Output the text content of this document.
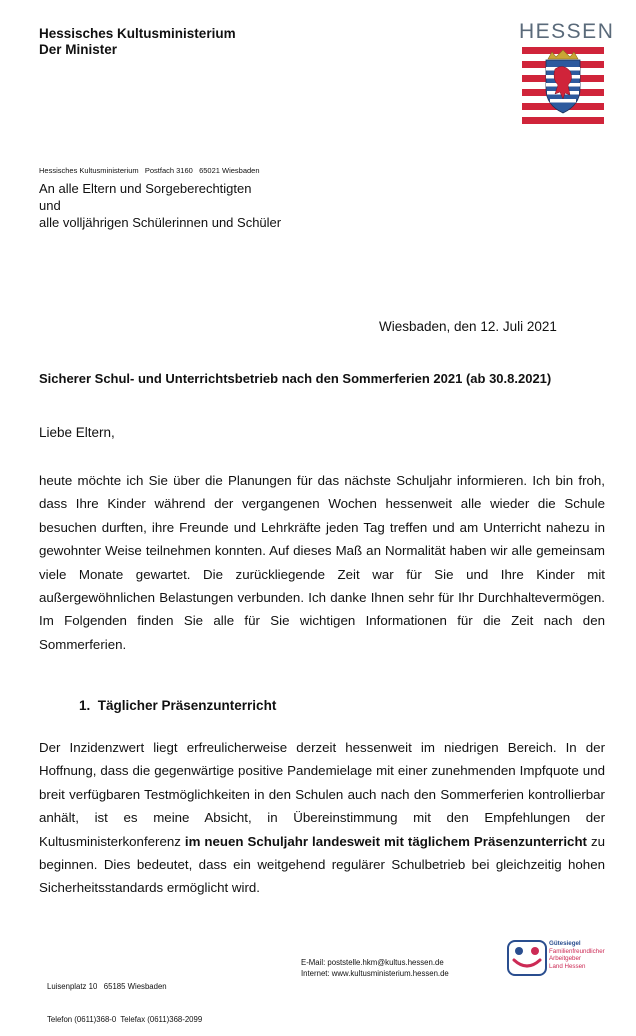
Hessisches Kultusministerium
Der Minister
HESSEN
Hessisches Kultusministerium   Postfach 3160   65021 Wiesbaden
An alle Eltern und Sorgeberechtigten
und
alle volljährigen Schülerinnen und Schüler
Wiesbaden, den 12. Juli 2021
Sicherer Schul- und Unterrichtsbetrieb nach den Sommerferien 2021 (ab 30.8.2021)
Liebe Eltern,
heute möchte ich Sie über die Planungen für das nächste Schuljahr informieren. Ich bin froh, dass Ihre Kinder während der vergangenen Wochen hessenweit alle wieder die Schule besuchen durften, ihre Freunde und Lehrkräfte jeden Tag treffen und am Unterricht nahezu in gewohnter Weise teilnehmen konnten. Auf dieses Maß an Normalität haben wir alle gemeinsam viele Monate gewartet. Die zurückliegende Zeit war für Sie und Ihre Kinder mit außergewöhnlichen Belastungen verbunden. Ich danke Ihnen sehr für Ihr Durchhaltevermögen. Im Folgenden finden Sie alle für Sie wichtigen Informationen für die Zeit nach den Sommerferien.
1.  Täglicher Präsenzunterricht
Der Inzidenzwert liegt erfreulicherweise derzeit hessenweit im niedrigen Bereich. In der Hoffnung, dass die gegenwärtige positive Pandemielage mit einer zunehmenden Impfquote und breit verfügbaren Testmöglichkeiten in den Schulen auch nach den Sommerferien kontrollierbar anhält, ist es meine Absicht, in Übereinstimmung mit den Empfehlungen der Kultusministerkonferenz im neuen Schuljahr landesweit mit täglichem Präsenzunterricht zu beginnen. Dies bedeutet, dass ein weitgehend regulärer Schulbetrieb bei gleichzeitig hohen Sicherheitsstandards ermöglicht wird.

Luisenplatz 10   65185 Wiesbaden

Telefon (0611)368-0  Telefax (0611)368-2099

E-Mail: poststelle.hkm@kultus.hessen.de
Internet: www.kultusministerium.hessen.de
Gütesiegel
Familienfreundlicher
Arbeitgeber
Land Hessen
